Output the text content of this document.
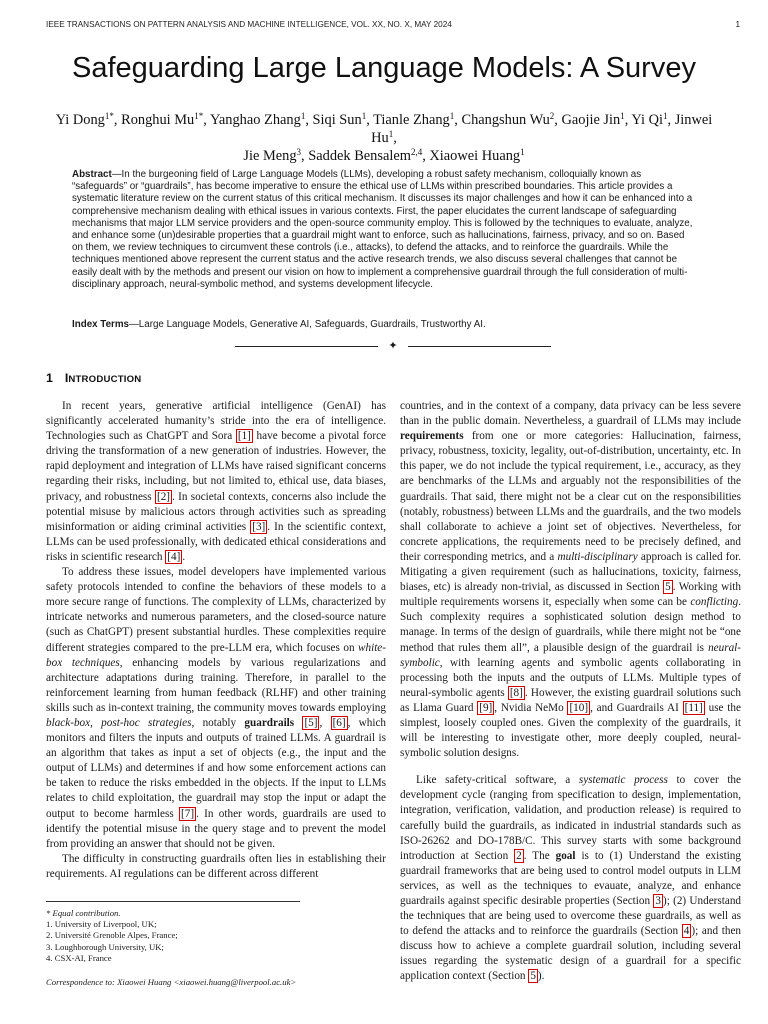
IEEE TRANSACTIONS ON PATTERN ANALYSIS AND MACHINE INTELLIGENCE, VOL. XX, NO. X, MAY 2024	1
Safeguarding Large Language Models: A Survey
Yi Dong$^{1*}$, Ronghui $Mu^{1*}$, Yanghao Zhang$^1$, Siqi Sun$^1$, Tianle Zhang$^1$, Changshun Wu$^2$, Gaojie Jin$^1$, Yi Qi$^1$, Jinwei Hu$^1$,
Jie Meng$^3$, Saddek Bensalem$^{2,4}$, Xiaowei Huang$^1$
Abstract—In the burgeoning field of Large Language Models (LLMs), developing a robust safety mechanism, colloquially known as “safeguards” or “guardrails”, has become imperative to ensure the ethical use of LLMs within prescribed boundaries. This article provides a systematic literature review on the current status of this critical mechanism. It discusses its major challenges and how it can be enhanced into a comprehensive mechanism dealing with ethical issues in various contexts. First, the paper elucidates the current landscape of safeguarding mechanisms that major LLM service providers and the open-source community employ. This is followed by the techniques to evaluate, analyze, and enhance some (un)desirable properties that a guardrail might want to enforce, such as hallucinations, fairness, privacy, and so on. Based on them, we review techniques to circumvent these controls (i.e., attacks), to defend the attacks, and to reinforce the guardrails. While the techniques mentioned above represent the current status and the active research trends, we also discuss several challenges that cannot be easily dealt with by the methods and present our vision on how to implement a comprehensive guardrail through the full consideration of multi-disciplinary approach, neural-symbolic method, and systems development lifecycle.
Index Terms—Large Language Models, Generative AI, Safeguards, Guardrails, Trustworthy AI.
✦
1 INTRODUCTION

In recent years, generative artificial intelligence (GenAI) has significantly accelerated humanity’s stride into the era of intelligence. Technologies such as ChatGPT and Sora [1] have become a pivotal force driving the transformation of a new generation of industries. However, the rapid deployment and integration of LLMs have raised significant concerns regarding their risks, including, but not limited to, ethical use, data biases, privacy, and robustness [2] . In societal contexts, concerns also include the potential misuse by malicious actors through activities such as spreading misinformation or aiding criminal activities [3] . In the scientific context, LLMs can be used professionally, with dedicated ethical considerations and risks in scientific research [4] .

To address these issues, model developers have implemented various safety protocols intended to confine the behaviors of these models to a more secure range of functions. The complexity of LLMs, characterized by intricate networks and numerous parameters, and the closed-source nature (such as ChatGPT) present substantial hurdles. These complexities require different strategies compared to the pre-LLM era, which focuses on white-box techniques, enhancing models by various regularizations and architecture adaptations during training. Therefore, in parallel to the reinforcement learning from human feedback (RLHF) and other training skills such as in-context training, the community moves towards employing black-box, post-hoc strategies, notably guardrails [5] , [6] , which monitors and filters the inputs and outputs of trained LLMs. A guardrail is an algorithm that takes as input a set of objects (e.g., the input and the output of LLMs) and determines if and how some enforcement actions can be taken to reduce the risks embedded in the objects. If the input to LLMs relates to child exploitation, the guardrail may stop the input or adapt the output to become harmless [7] . In other words, guardrails are used to identify the potential misuse in the query stage and to prevent the model from providing an answer that should not be given.

The difficulty in constructing guardrails often lies in establishing their requirements. AI regulations can be different across different

countries, and in the context of a company, data privacy can be less severe than in the public domain. Nevertheless, a guardrail of LLMs may include requirements from one or more categories: Hallucination, fairness, privacy, robustness, toxicity, legality, out-of-distribution, uncertainty, etc. In this paper, we do not include the typical requirement, i.e., accuracy, as they are benchmarks of the LLMs and arguably not the responsibilities of the guardrails. That said, there might not be a clear cut on the responsibilities (notably, robustness) between LLMs and the guardrails, and the two models shall collaborate to achieve a joint set of objectives. Nevertheless, for concrete applications, the requirements need to be precisely defined, and their corresponding metrics, and a multi-disciplinary approach is called for. Mitigating a given requirement (such as hallucinations, toxicity, fairness, biases, etc) is already non-trivial, as discussed in Section 5 . Working with multiple requirements worsens it, especially when some can be conflicting. Such complexity requires a sophisticated solution design method to manage. In terms of the design of guardrails, while there might not be “one method that rules them all”, a plausible design of the guardrail is neural-symbolic, with learning agents and symbolic agents collaborating in processing both the inputs and the outputs of LLMs. Multiple types of neural-symbolic agents [8] . However, the existing guardrail solutions such as Llama Guard [9] , Nvidia NeMo [10] , and Guardrails AI [11] use the simplest, loosely coupled ones. Given the complexity of the guardrails, it will be interesting to investigate other, more deeply coupled, neural-symbolic solution designs.

Like safety-critical software, a systematic process to cover the development cycle (ranging from specification to design, implementation, integration, verification, validation, and production release) is required to carefully build the guardrails, as indicated in industrial standards such as ISO-26262 and DO-178B/C. This survey starts with some background introduction at Section 2 . The goal is to (1) Understand the existing guardrail frameworks that are being used to control model outputs in LLM services, as well as the techniques to evauate, analyze, and enhance guardrails against specific desirable properties (Section 3 ); (2) Understand the techniques that are being used to overcome these guardrails, as well as to defend the attacks and to reinforce the guardrails (Section 4 ); and then discuss how to achieve a complete guardrail solution, including several issues regarding the systematic design of a guardrail for a specific application context (Section 5 ).

* Equal contribution.
1. University of Liverpool, UK;
2. Université Grenoble Alpes, France;
3. Loughborough University, UK;
4. CSX-AI, France
Correspondence to: Xiaowei Huang <xiaowei.huang@liverpool.ac.uk>
